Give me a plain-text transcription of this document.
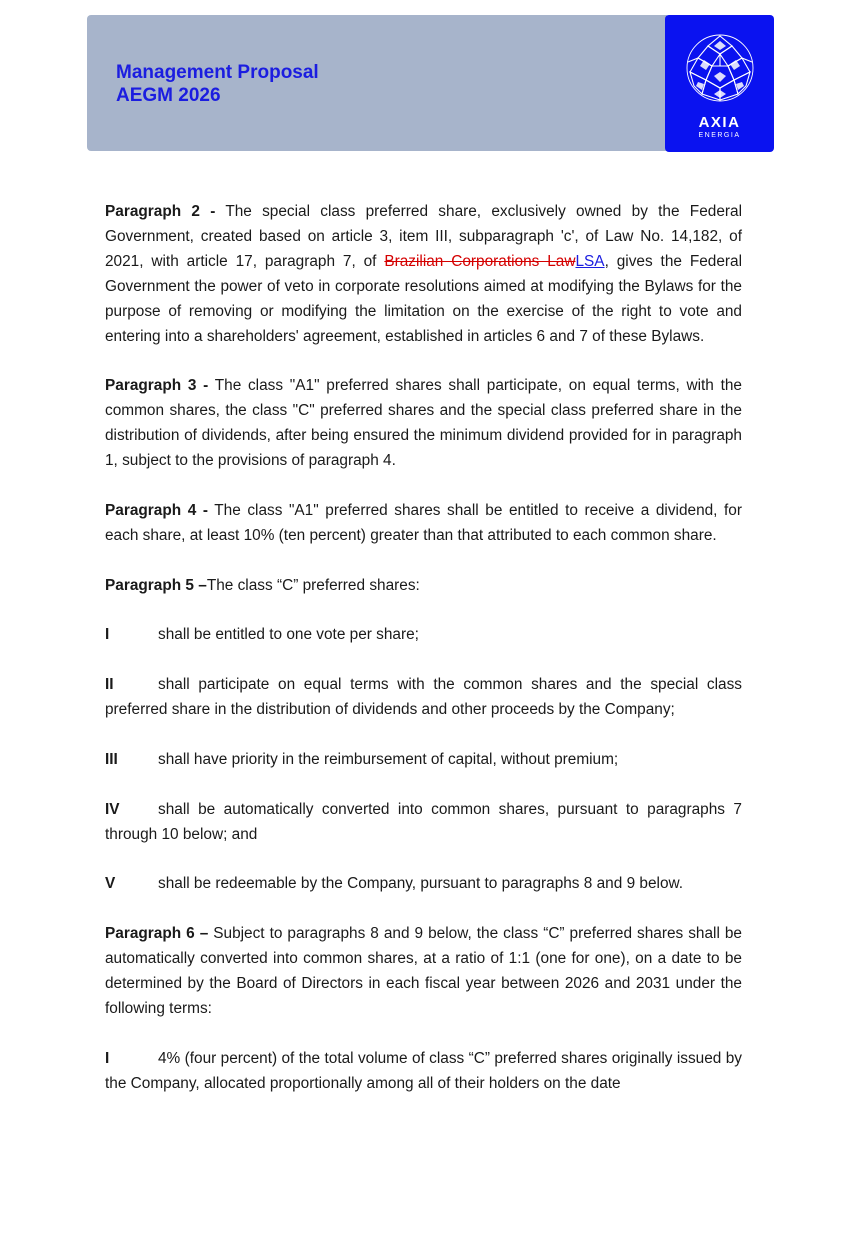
Management Proposal
AEGM 2026
AXIA
ENERGIA

Paragraph 2 - The special class preferred share, exclusively owned by the Federal Government, created based on article 3, item III, subparagraph 'c', of Law No. 14,182, of 2021, with article 17, paragraph 7, of Brazilian Corporations LawLSA, gives the Federal Government the power of veto in corporate resolutions aimed at modifying the Bylaws for the purpose of removing or modifying the limitation on the exercise of the right to vote and entering into a shareholders' agreement, established in articles 6 and 7 of these Bylaws.

Paragraph 3 - The class "A1" preferred shares shall participate, on equal terms, with the common shares, the class "C" preferred shares and the special class preferred share in the distribution of dividends, after being ensured the minimum dividend provided for in paragraph 1, subject to the provisions of paragraph 4.

Paragraph 4 - The class "A1" preferred shares shall be entitled to receive a dividend, for each share, at least 10% (ten percent) greater than that attributed to each common share.

Paragraph 5 –The class “C” preferred shares:

I	shall be entitled to one vote per share;

II	shall participate on equal terms with the common shares and the special class preferred share in the distribution of dividends and other proceeds by the Company;

III	shall have priority in the reimbursement of capital, without premium;

IV shall be automatically converted into common shares, pursuant to paragraphs 7 through 10 below; and

V	shall be redeemable by the Company, pursuant to paragraphs 8 and 9 below.

Paragraph 6 – Subject to paragraphs 8 and 9 below, the class “C” preferred shares shall be automatically converted into common shares, at a ratio of 1:1 (one for one), on a date to be determined by the Board of Directors in each fiscal year between 2026 and 2031 under the following terms:

I	4% (four percent) of the total volume of class “C” preferred shares originally issued by the Company, allocated proportionally among all of their holders on the date
